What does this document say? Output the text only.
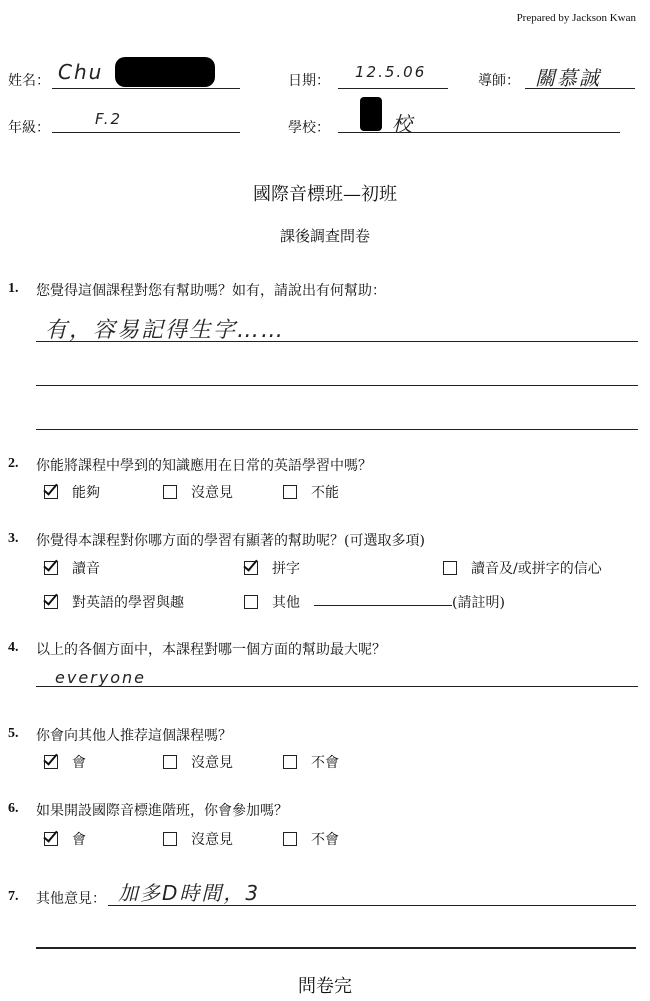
Prepared by Jackson Kwan
姓名： Chu	日期： 12.5.06	導師： 關慕誠
年級：	F.2	學校：	校
國際音標班—初班
課後調查問卷
1. 您覺得這個課程對您有幫助嗎？如有，請說出有何幫助：
有，容易記得生字……
2. 你能將課程中學到的知識應用在日常的英語學習中嗎？
能夠	沒意見	不能
3. 你覺得本課程對你哪方面的學習有顯著的幫助呢？(可選取多項)
讀音	拼字	讀音及/或拼字的信心
對英語的學習與趣	其他	(請註明)
4. 以上的各個方面中，本課程對哪一個方面的幫助最大呢？
everyone
5. 你會向其他人推荐這個課程嗎？
會	沒意見	不會
6. 如果開設國際音標進階班，你會參加嗎？
會	沒意見	不會
7. 其他意見： 加多D時間，3
問卷完
